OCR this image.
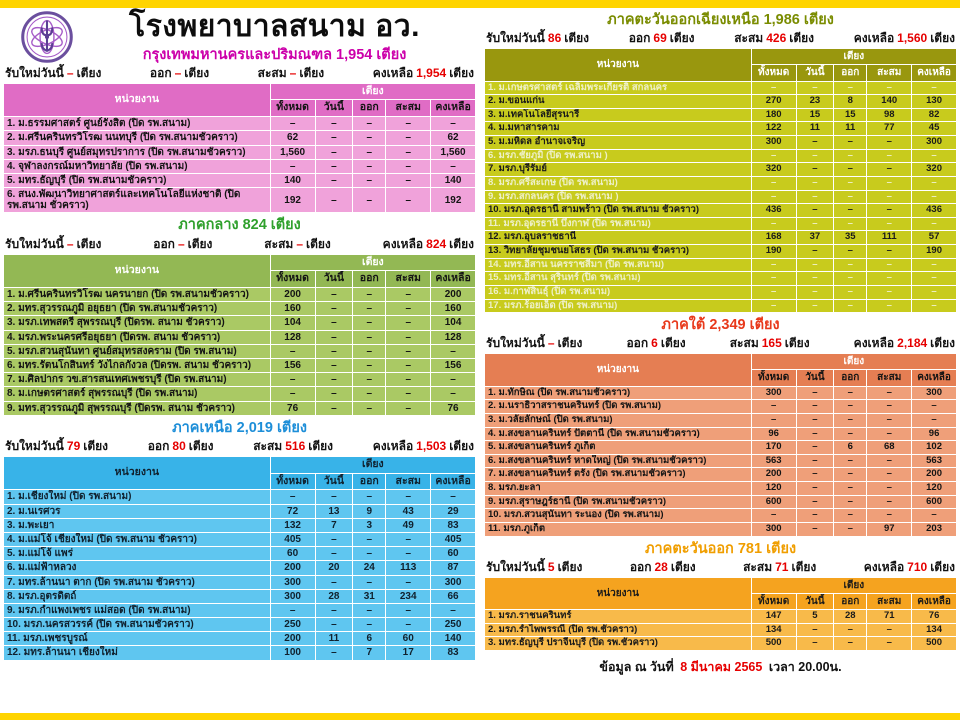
โรงพยาบาลสนาม อว.
กรุงเทพมหานครและปริมณฑล 1,954 เตียง
รับใหม่วันนี้ – เตียง	ออก – เตียง	สะสม – เตียง	คงเหลือ 1,954 เตียง
หน่วยงาน	เตียง				
	ทั้งหมด	วันนี้	ออก	สะสม	คงเหลือ
1. ม.ธรรมศาสตร์ ศูนย์รังสิต (ปิด รพ.สนาม)	–	–	–	–	–
2. ม.ศรีนครินทรวิโรฒ นนทบุรี (ปิด รพ.สนามชั่วคราว)	62	–	–	–	62
3. มรภ.ธนบุรี ศูนย์สมุทรปราการ (ปิด รพ.สนามชั่วคราว)	1,560	–	–	–	1,560
4. จุฬาลงกรณ์มหาวิทยาลัย (ปิด รพ.สนาม)	–	–	–	–	–
5. มทร.ธัญบุรี (ปิด รพ.สนามชั่วคราว)	140	–	–	–	140
6. สนง.พัฒนาวิทยาศาสตร์และเทคโนโลยีแห่งชาติ (ปิด รพ.สนาม ชั่วคราว)	192	–	–	–	192
ภาคกลาง 824 เตียง
รับใหม่วันนี้ – เตียง	ออก – เตียง	สะสม – เตียง	คงเหลือ 824 เตียง
หน่วยงาน	เตียง				
	ทั้งหมด	วันนี้	ออก	สะสม	คงเหลือ
1. ม.ศรีนครินทรวิโรฒ นครนายก (ปิด รพ.สนามชั่วคราว)	200	–	–	–	200
2. มทร.สุวรรณภูมิ อยุธยา (ปิด รพ.สนามชั่วคราว)	160	–	–	–	160
3. มรภ.เทพสตรี สุพรรณบุรี (ปิดรพ. สนาม ชั่วคราว)	104	–	–	–	104
4. มรภ.พระนครศรีอยุธยา (ปิดรพ. สนาม ชั่วคราว)	128	–	–	–	128
5. มรภ.สวนสุนันทา ศูนย์สมุทรสงคราม (ปิด รพ.สนาม)	–	–	–	–	–
6. มทร.รัตนโกสินทร์ วังไกลกังวล (ปิดรพ. สนาม ชั่วคราว)	156	–	–	–	156
7. ม.ศิลปากร วข.สารสนเทศเพชรบุรี (ปิด รพ.สนาม)	–	–	–	–	–
8. ม.เกษตรศาสตร์ สุพรรณบุรี (ปิด รพ.สนาม)	–	–	–	–	–
9. มทร.สุวรรณภูมิ สุพรรณบุรี (ปิดรพ. สนาม ชั่วคราว)	76	–	–	–	76
ภาคเหนือ 2,019 เตียง
รับใหม่วันนี้ 79 เตียง	ออก 80 เตียง	สะสม 516 เตียง	คงเหลือ 1,503 เตียง
หน่วยงาน	เตียง				
	ทั้งหมด	วันนี้	ออก	สะสม	คงเหลือ
1. ม.เชียงใหม่ (ปิด รพ.สนาม)	–	–	–	–	–
2. ม.นเรศวร	72	13	9	43	29
3. ม.พะเยา	132	7	3	49	83
4. ม.แม่โจ้ เชียงใหม่ (ปิด รพ.สนาม ชั่วคราว)	405	–	–	–	405
5. ม.แม่โจ้ แพร่	60	–	–	–	60
6. ม.แม่ฟ้าหลวง	200	20	24	113	87
7. มทร.ล้านนา ตาก (ปิด รพ.สนาม ชั่วคราว)	300	–	–	–	300
8. มรภ.อุตรดิตถ์	300	28	31	234	66
9. มรภ.กำแพงเพชร แม่สอด (ปิด รพ.สนาม)	–	–	–	–	–
10. มรภ.นครสวรรค์ (ปิด รพ.สนามชั่วคราว)	250	–	–	–	250
11. มรภ.เพชรบูรณ์	200	11	6	60	140
12. มทร.ล้านนา เชียงใหม่	100	–	7	17	83
ภาคตะวันออกเฉียงเหนือ 1,986 เตียง
รับใหม่วันนี้ 86 เตียง	ออก 69 เตียง	สะสม 426 เตียง	คงเหลือ 1,560 เตียง
หน่วยงาน	เตียง				
	ทั้งหมด	วันนี้	ออก	สะสม	คงเหลือ
1. ม.เกษตรศาสตร์ เฉลิมพระเกียรติ สกลนคร	–	–	–	–	–
2. ม.ขอนแก่น	270	23	8	140	130
3. ม.เทคโนโลยีสุรนารี	180	15	15	98	82
4. ม.มหาสารคาม	122	11	11	77	45
5. ม.มหิดล อำนาจเจริญ	300	–	–	–	300
6. มรภ.ชัยภูมิ (ปิด รพ.สนาม )	–	–	–	–	–
7. มรภ.บุรีรัมย์	320	–	–	–	320
8. มรภ.ศรีสะเกษ (ปิด รพ.สนาม)	–	–	–	–	–
9. มรภ.สกลนคร (ปิด รพ.สนาม )	–	–	–	–	–
10. มรภ.อุดรธานี สามพร้าว (ปิด รพ.สนาม ชั่วคราว)	436	–	–	–	436
11. มรภ.อุดรธานี บึงกาฬ (ปิด รพ.สนาม)	–	–	–	–	–
12. มรภ.อุบลราชธานี	168	37	35	111	57
13. วิทยาลัยชุมชนยโสธร (ปิด รพ.สนาม ชั่วคราว)	190	–	–	–	190
14. มทร.อีสาน นครราชสีมา (ปิด รพ.สนาม)	–	–	–	–	–
15. มทร.อีสาน สุรินทร์ (ปิด รพ.สนาม)	–	–	–	–	–
16. ม.กาฬสินธุ์ (ปิด รพ.สนาม)	–	–	–	–	–
17. มรภ.ร้อยเอ็ด (ปิด รพ.สนาม)	–	–	–	–	–
ภาคใต้ 2,349 เตียง
รับใหม่วันนี้ – เตียง	ออก 6 เตียง	สะสม 165 เตียง	คงเหลือ 2,184 เตียง
หน่วยงาน	เตียง				
	ทั้งหมด	วันนี้	ออก	สะสม	คงเหลือ
1. ม.ทักษิณ (ปิด รพ.สนามชั่วคราว)	300	–	–	–	300
2. ม.นราธิวาสราชนครินทร์ (ปิด รพ.สนาม)	–	–	–	–	–
3. ม.วลัยลักษณ์ (ปิด รพ.สนาม)	–	–	–	–	–
4. ม.สงขลานครินทร์ ปัตตานี (ปิด รพ.สนามชั่วคราว)	96	–	–	–	96
5. ม.สงขลานครินทร์ ภูเก็ต	170	–	6	68	102
6. ม.สงขลานครินทร์ หาดใหญ่ (ปิด รพ.สนามชั่วคราว)	563	–	–	–	563
7. ม.สงขลานครินทร์ ตรัง (ปิด รพ.สนามชั่วคราว)	200	–	–	–	200
8. มรภ.ยะลา	120	–	–	–	120
9. มรภ.สุราษฎร์ธานี (ปิด รพ.สนามชั่วคราว)	600	–	–	–	600
10. มรภ.สวนสุนันทา ระนอง (ปิด รพ.สนาม)	–	–	–	–	–
11. มรภ.ภูเก็ต	300	–	–	97	203
ภาคตะวันออก 781 เตียง
รับใหม่วันนี้ 5 เตียง	ออก 28 เตียง	สะสม 71 เตียง	คงเหลือ 710 เตียง
หน่วยงาน	เตียง				
	ทั้งหมด	วันนี้	ออก	สะสม	คงเหลือ
1. มรภ.ราชนครินทร์	147	5	28	71	76
2. มรภ.รำไพพรรณี (ปิด รพ.ชั่วคราว)	134	–	–	–	134
3. มทร.ธัญบุรี ปราจีนบุรี (ปิด รพ.ชั่วคราว)	500	–	–	–	500
ข้อมูล ณ วันที่ 8 มีนาคม 2565 เวลา 20.00น.
